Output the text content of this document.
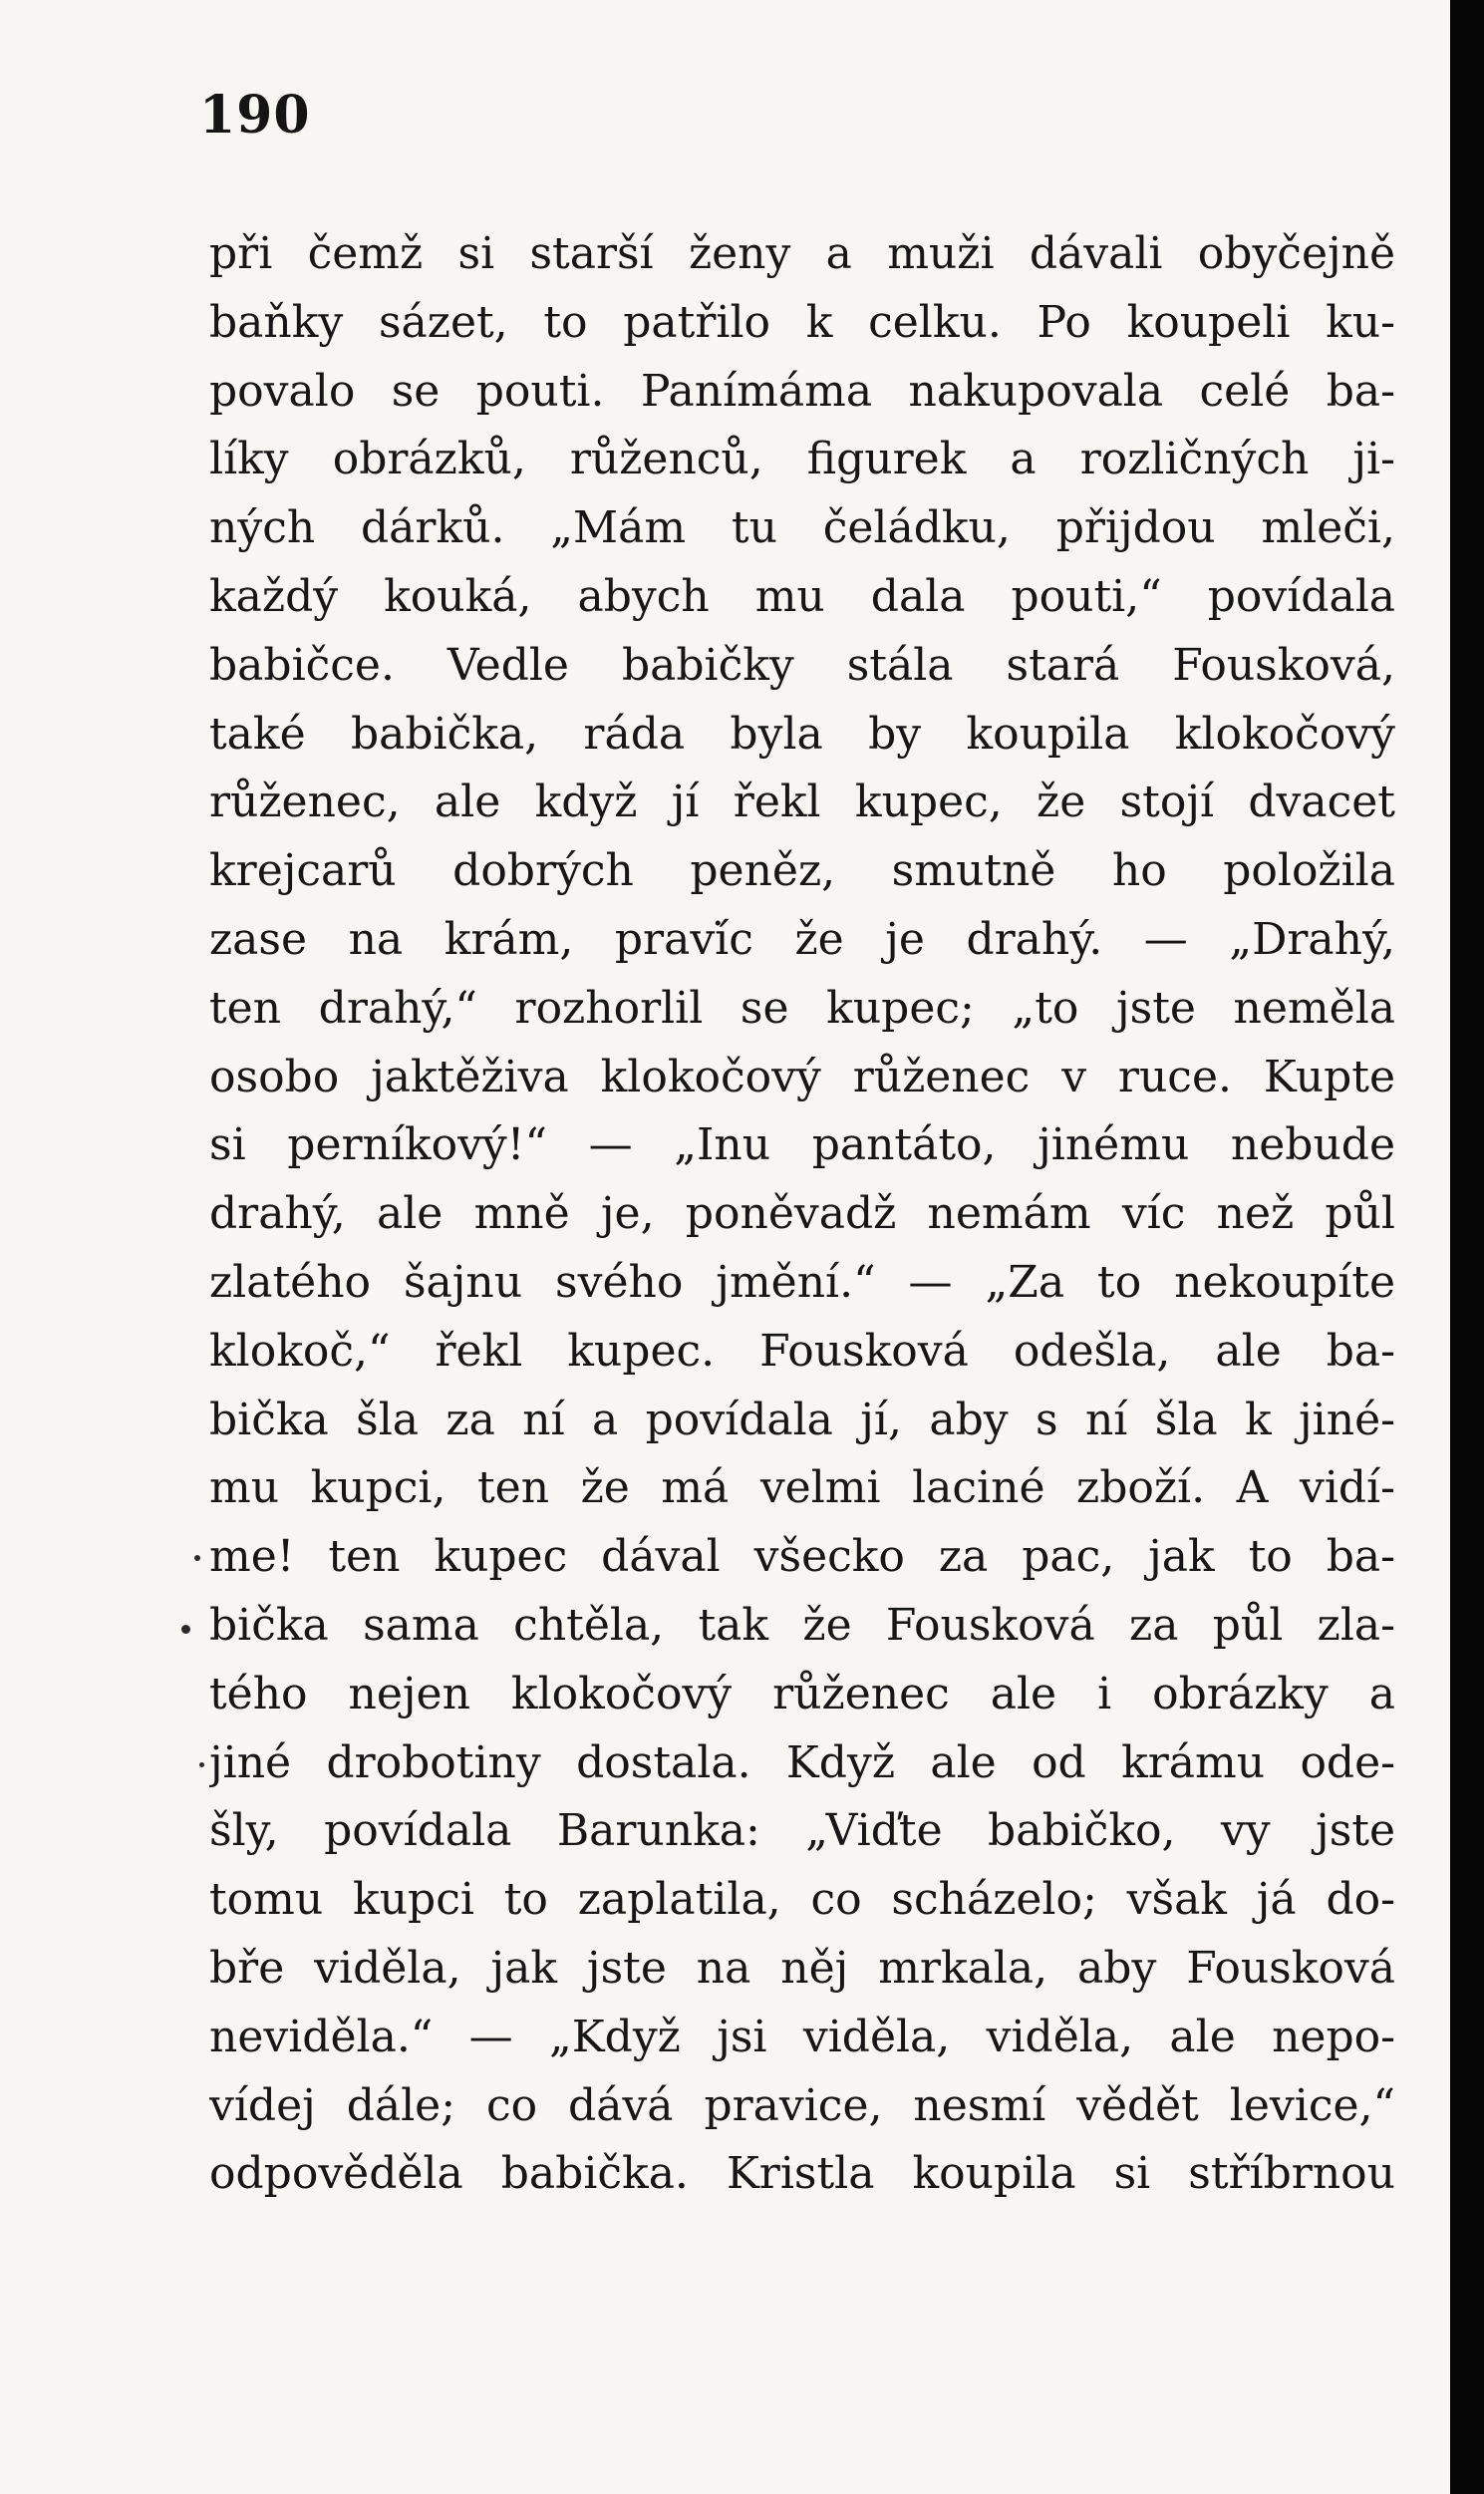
190
při čemž si starší ženy a muži dávali obyčejně
baňky sázet, to patřilo k celku. Po koupeli ku-
povalo se pouti. Panímáma nakupovala celé ba-
líky obrázků, růženců, figurek a rozličných ji-
ných dárků. „Mám tu čeládku, přijdou mleči,
každý kouká, abych mu dala pouti,“ povídala
babičce. Vedle babičky stála stará Fousková,
také babička, ráda byla by koupila klokočový
růženec, ale když jí řekl kupec, že stojí dvacet
krejcarů dobrých peněz, smutně ho položila
zase na krám, praví̇c že je drahý. — „Drahý,
ten drahý,“ rozhorlil se kupec; „to jste neměla
osobo jaktěživa klokočový růženec v ruce. Kupte
si perníkový!“ — „Inu pantáto, jinému nebude
drahý, ale mně je, poněvadž nemám víc než půl
zlatého šajnu svého jmění.“ — „Za to nekoupíte
klokoč,“ řekl kupec. Fousková odešla, ale ba-
bička šla za ní a povídala jí, aby s ní šla k jiné-
mu kupci, ten že má velmi laciné zboží. A vidí-
me! ten kupec dával všecko za pac, jak to ba-
bička sama chtěla, tak že Fousková za půl zla-
tého nejen klokočový růženec ale i obrázky a
jiné drobotiny dostala. Když ale od krámu ode-
šly, povídala Barunka: „Viďte babičko, vy jste
tomu kupci to zaplatila, co scházelo; však já do-
bře viděla, jak jste na něj mrkala, aby Fousková
neviděla.“ — „Když jsi viděla, viděla, ale nepo-
vídej dále; co dává pravice, nesmí vědět levice,“
odpověděla babička. Kristla koupila si stříbrnou
